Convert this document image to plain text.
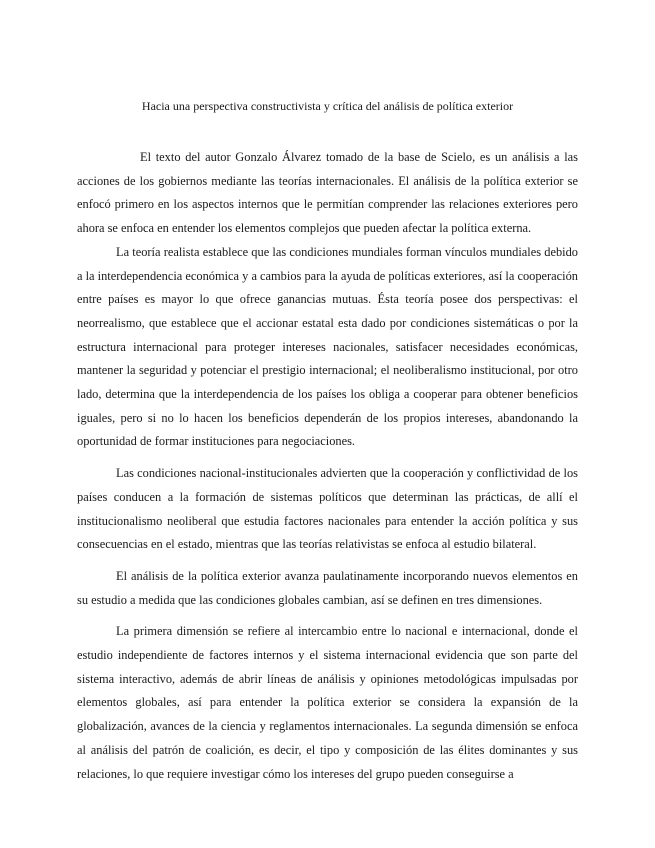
Hacia una perspectiva constructivista y crítica del análisis de política exterior

El texto del autor Gonzalo Álvarez tomado de la base de Scielo, es un análisis a las acciones de los gobiernos mediante las teorías internacionales. El análisis de la política exterior se enfocó primero en los aspectos internos que le permitían comprender las relaciones exteriores pero ahora se enfoca en entender los elementos complejos que pueden afectar la política externa.

La teoría realista establece que las condiciones mundiales forman vínculos mundiales debido a la interdependencia económica y a cambios para la ayuda de políticas exteriores, así la cooperación entre países es mayor lo que ofrece ganancias mutuas. Ésta teoría posee dos perspectivas: el neorrealismo, que establece que el accionar estatal esta dado por condiciones sistemáticas o por la estructura internacional para proteger intereses nacionales, satisfacer necesidades económicas, mantener la seguridad y potenciar el prestigio internacional; el neoliberalismo institucional, por otro lado, determina que la interdependencia de los países los obliga a cooperar para obtener beneficios iguales, pero si no lo hacen los beneficios dependerán de los propios intereses, abandonando la oportunidad de formar instituciones para negociaciones.

Las condiciones nacional-institucionales advierten que la cooperación y conflictividad de los países conducen a la formación de sistemas políticos que determinan las prácticas, de allí el institucionalismo neoliberal que estudia factores nacionales para entender la acción política y sus consecuencias en el estado, mientras que las teorías relativistas se enfoca al estudio bilateral.

El análisis de la política exterior avanza paulatinamente incorporando nuevos elementos en su estudio a medida que las condiciones globales cambian, así se definen en tres dimensiones.

La primera dimensión se refiere al intercambio entre lo nacional e internacional, donde el estudio independiente de factores internos y el sistema internacional evidencia que son parte del sistema interactivo, además de abrir líneas de análisis y opiniones metodológicas impulsadas por elementos globales, así para entender la política exterior se considera la expansión de la globalización, avances de la ciencia y reglamentos internacionales. La segunda dimensión se enfoca al análisis del patrón de coalición, es decir, el tipo y composición de las élites dominantes y sus relaciones, lo que requiere investigar cómo los intereses del grupo pueden conseguirse a
